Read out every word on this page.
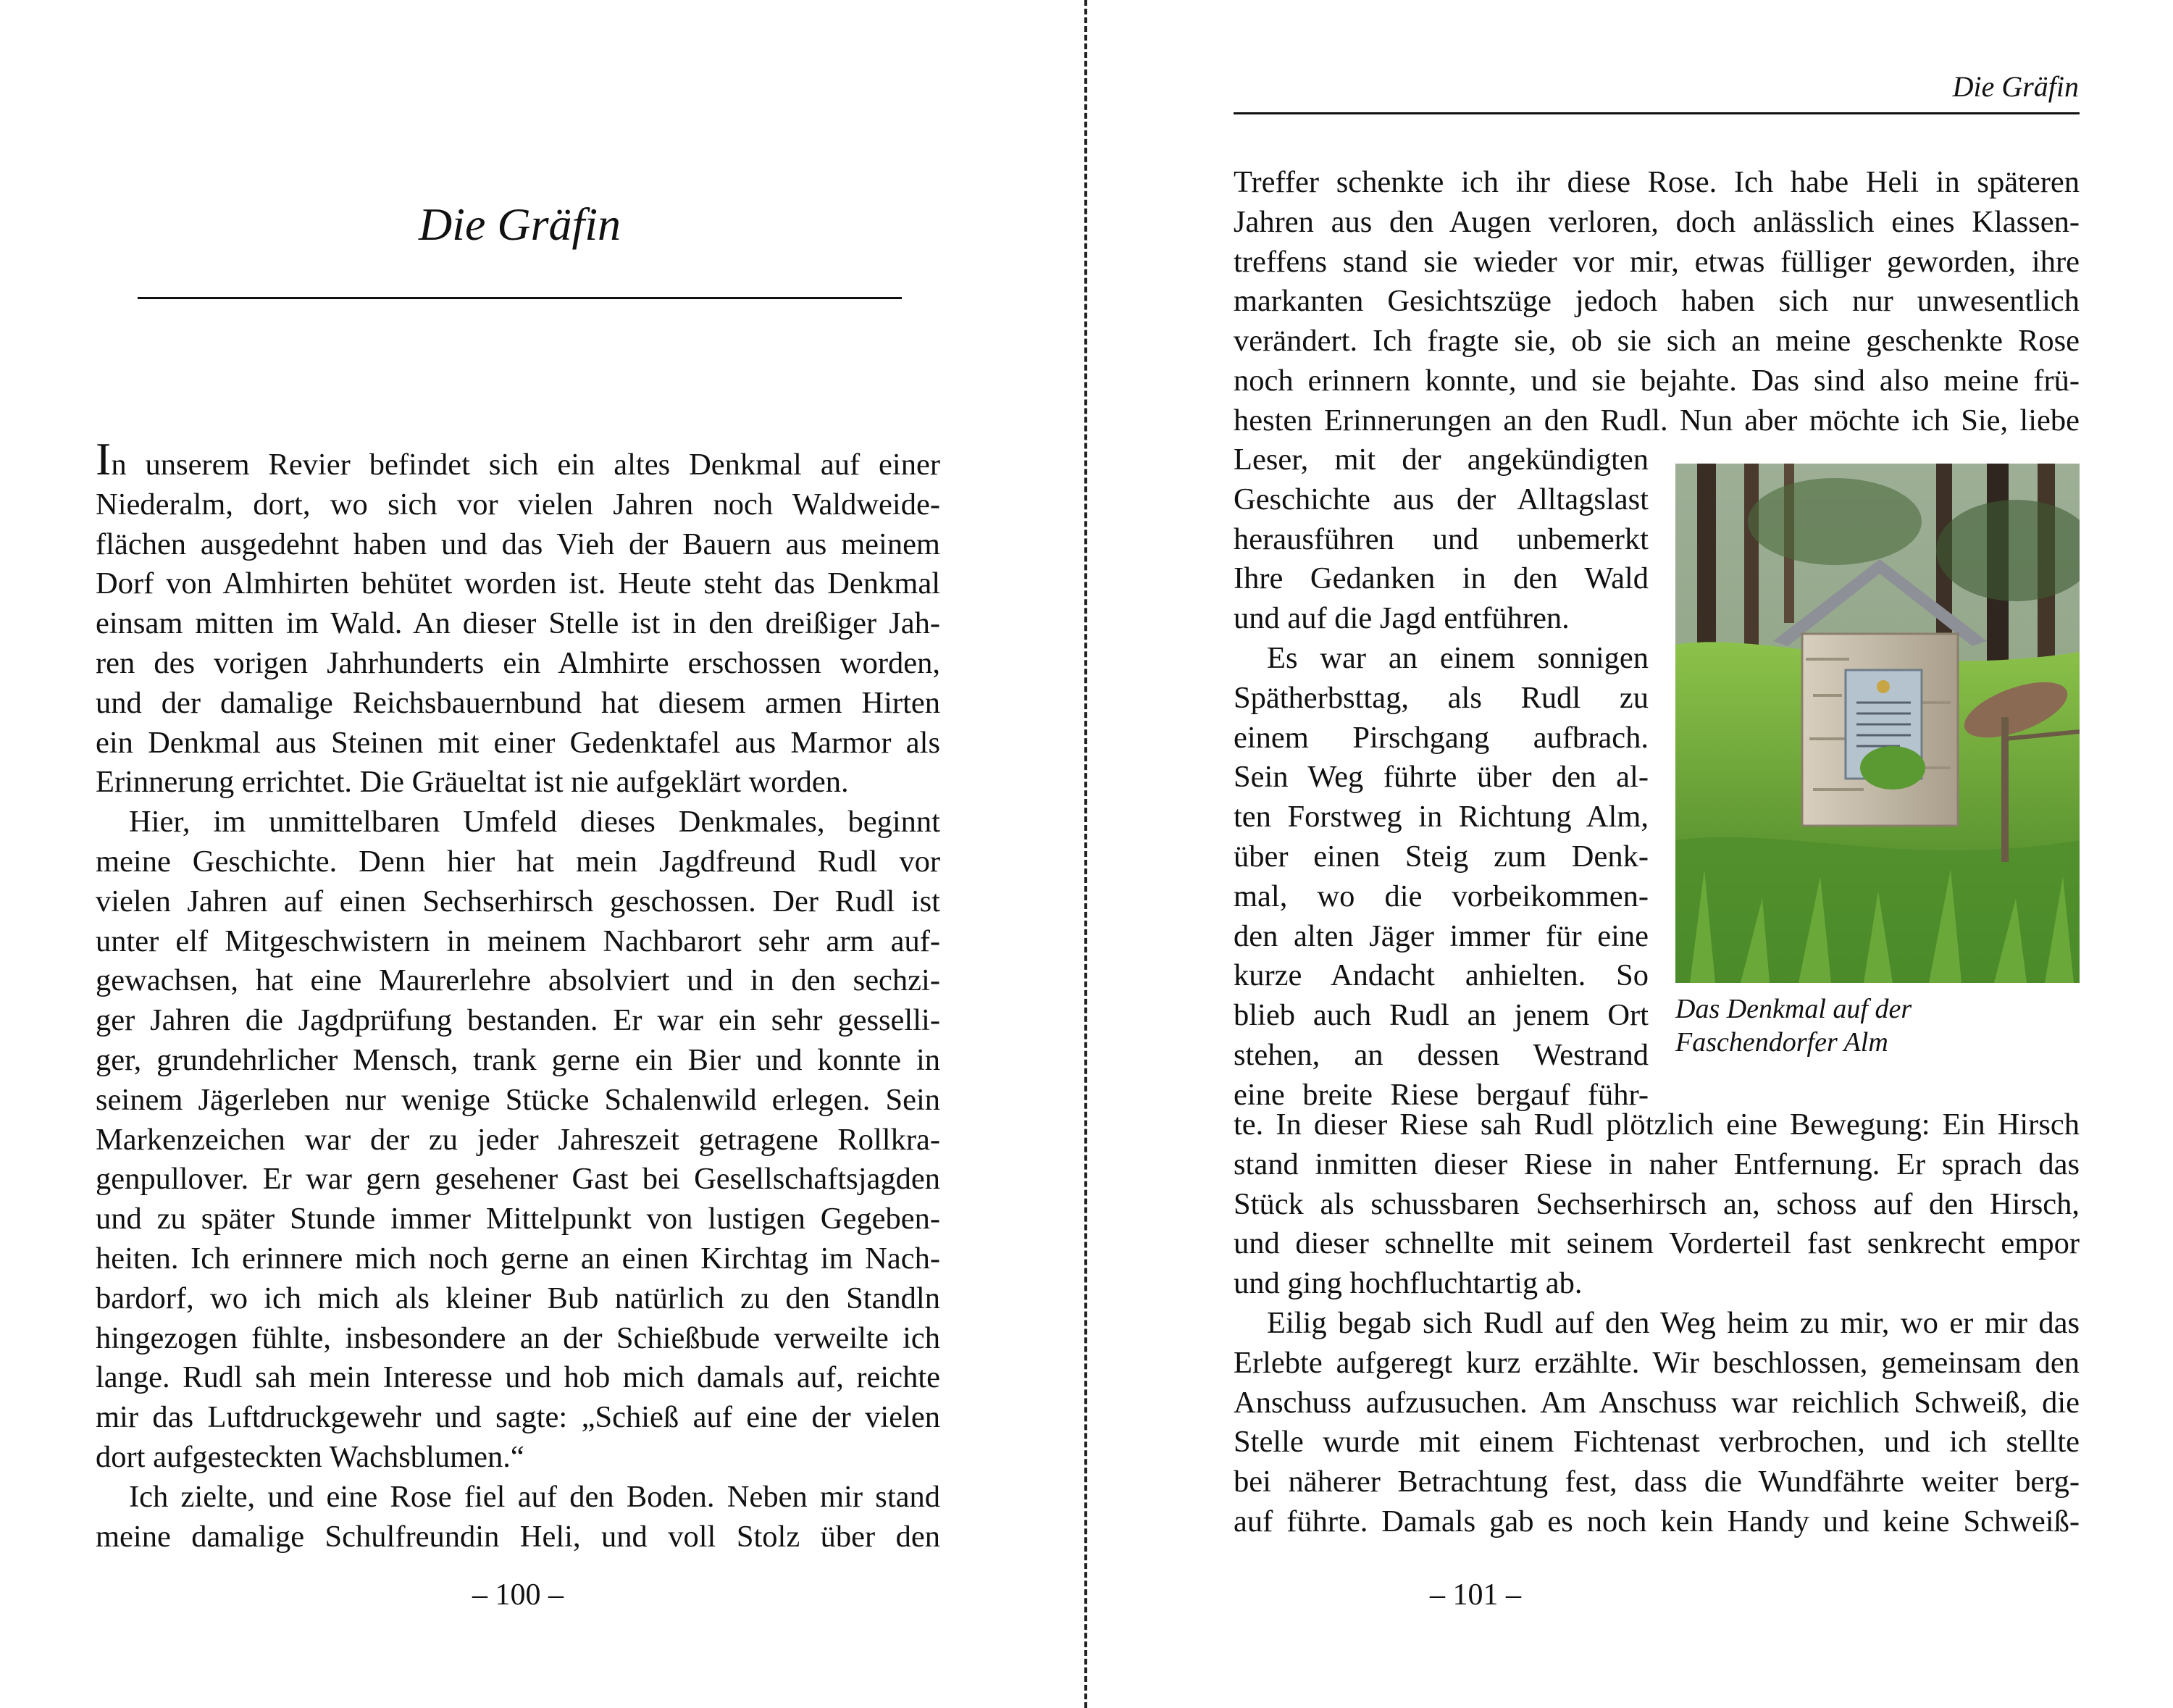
Die Gräfin
In unserem Revier befindet sich ein altes Denkmal auf einer
Niederalm, dort, wo sich vor vielen Jahren noch Waldweide-
flächen ausgedehnt haben und das Vieh der Bauern aus meinem
Dorf von Almhirten behütet worden ist. Heute steht das Denkmal
einsam mitten im Wald. An dieser Stelle ist in den dreißiger Jah-
ren des vorigen Jahrhunderts ein Almhirte erschossen worden,
und der damalige Reichsbauernbund hat diesem armen Hirten
ein Denkmal aus Steinen mit einer Gedenktafel aus Marmor als
Erinnerung errichtet. Die Gräueltat ist nie aufgeklärt worden.
Hier, im unmittelbaren Umfeld dieses Denkmales, beginnt
meine Geschichte. Denn hier hat mein Jagdfreund Rudl vor
vielen Jahren auf einen Sechserhirsch geschossen. Der Rudl ist
unter elf Mitgeschwistern in meinem Nachbarort sehr arm auf-
gewachsen, hat eine Maurerlehre absolviert und in den sechzi-
ger Jahren die Jagdprüfung bestanden. Er war ein sehr gesselli-
ger, grundehrlicher Mensch, trank gerne ein Bier und konnte in
seinem Jägerleben nur wenige Stücke Schalenwild erlegen. Sein
Markenzeichen war der zu jeder Jahreszeit getragene Rollkra-
genpullover. Er war gern gesehener Gast bei Gesellschaftsjagden
und zu später Stunde immer Mittelpunkt von lustigen Gegeben-
heiten. Ich erinnere mich noch gerne an einen Kirchtag im Nach-
bardorf, wo ich mich als kleiner Bub natürlich zu den Standln
hingezogen fühlte, insbesondere an der Schießbude verweilte ich
lange. Rudl sah mein Interesse und hob mich damals auf, reichte
mir das Luftdruckgewehr und sagte: „Schieß auf eine der vielen
dort aufgesteckten Wachsblumen.“
Ich zielte, und eine Rose fiel auf den Boden. Neben mir stand
meine damalige Schulfreundin Heli, und voll Stolz über den

– 100 –

Die Gräfin

Treffer schenkte ich ihr diese Rose. Ich habe Heli in späteren
Jahren aus den Augen verloren, doch anlässlich eines Klassen-
treffens stand sie wieder vor mir, etwas fülliger geworden, ihre
markanten Gesichtszüge jedoch haben sich nur unwesentlich
verändert. Ich fragte sie, ob sie sich an meine geschenkte Rose
noch erinnern konnte, und sie bejahte. Das sind also meine frü-
hesten Erinnerungen an den Rudl. Nun aber möchte ich Sie, liebe
Leser, mit der angekündigten
Geschichte aus der Alltagslast
herausführen und unbemerkt
Ihre Gedanken in den Wald
und auf die Jagd entführen.
Es war an einem sonnigen
Spätherbsttag, als Rudl zu
einem Pirschgang aufbrach.
Sein Weg führte über den al-
ten Forstweg in Richtung Alm,
über einen Steig zum Denk-
mal, wo die vorbeikommen-
den alten Jäger immer für eine
kurze Andacht anhielten. So
blieb auch Rudl an jenem Ort
stehen, an dessen Westrand
eine breite Riese bergauf führ-
Das Denkmal auf der
Faschendorfer Alm
te. In dieser Riese sah Rudl plötzlich eine Bewegung: Ein Hirsch
stand inmitten dieser Riese in naher Entfernung. Er sprach das
Stück als schussbaren Sechserhirsch an, schoss auf den Hirsch,
und dieser schnellte mit seinem Vorderteil fast senkrecht empor
und ging hochfluchtartig ab.
Eilig begab sich Rudl auf den Weg heim zu mir, wo er mir das
Erlebte aufgeregt kurz erzählte. Wir beschlossen, gemeinsam den
Anschuss aufzusuchen. Am Anschuss war reichlich Schweiß, die
Stelle wurde mit einem Fichtenast verbrochen, und ich stellte
bei näherer Betrachtung fest, dass die Wundfährte weiter berg-
auf führte. Damals gab es noch kein Handy und keine Schweiß-

– 101 –
